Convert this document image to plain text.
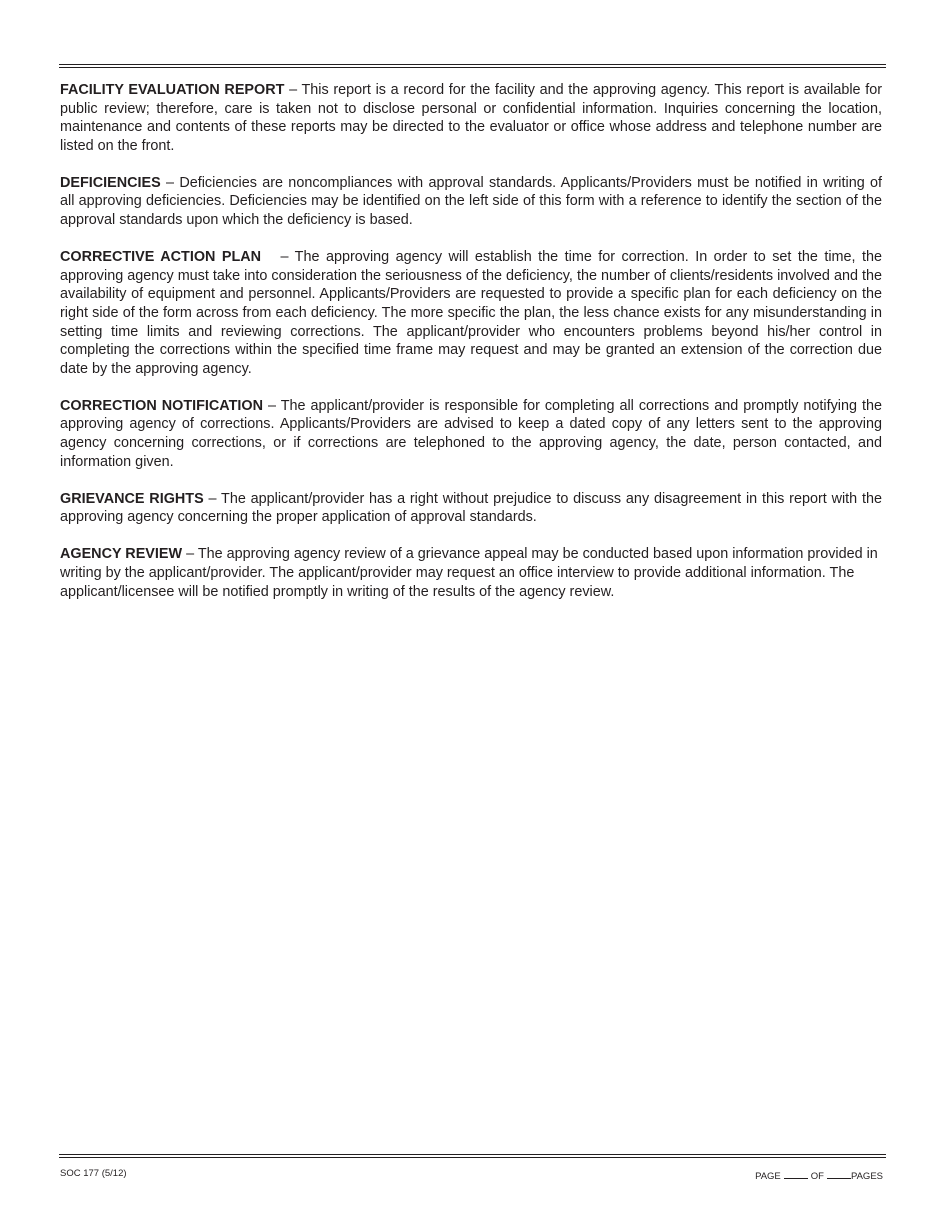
FACILITY EVALUATION REPORT – This report is a record for the facility and the approving agency. This report is available for public review; therefore, care is taken not to disclose personal or confidential information. Inquiries concerning the location, maintenance and contents of these reports may be directed to the evaluator or office whose address and telephone number are listed on the front.

DEFICIENCIES – Deficiencies are noncompliances with approval standards. Applicants/Providers must be notified in writing of all approving deficiencies. Deficiencies may be identified on the left side of this form with a reference to identify the section of the approval standards upon which the deficiency is based.

CORRECTIVE ACTION PLAN   – The approving agency will establish the time for correction. In order to set the time, the approving agency must take into consideration the seriousness of the deficiency, the number of clients/residents involved and the availability of equipment and personnel. Applicants/Providers are requested to provide a specific plan for each deficiency on the right side of the form across from each deficiency. The more specific the plan, the less chance exists for any misunderstanding in setting time limits and reviewing corrections. The applicant/provider who encounters problems beyond his/her control in completing the corrections within the specified time frame may request and may be granted an extension of the correction due date by the approving agency.

CORRECTION NOTIFICATION – The applicant/provider is responsible for completing all corrections and promptly notifying the approving agency of corrections. Applicants/Providers are advised to keep a dated copy of any letters sent to the approving agency concerning corrections, or if corrections are telephoned to the approving agency, the date, person contacted, and information given.

GRIEVANCE RIGHTS – The applicant/provider has a right without prejudice to discuss any disagreement in this report with the approving agency concerning the proper application of approval standards.

AGENCY REVIEW – The approving agency review of a grievance appeal may be conducted based upon information provided in writing by the applicant/provider. The applicant/provider may request an office interview to provide additional information. The applicant/licensee will be notified promptly in writing of the results of the agency review.

SOC 177 (5/12)	PAGE	OF	PAGES
